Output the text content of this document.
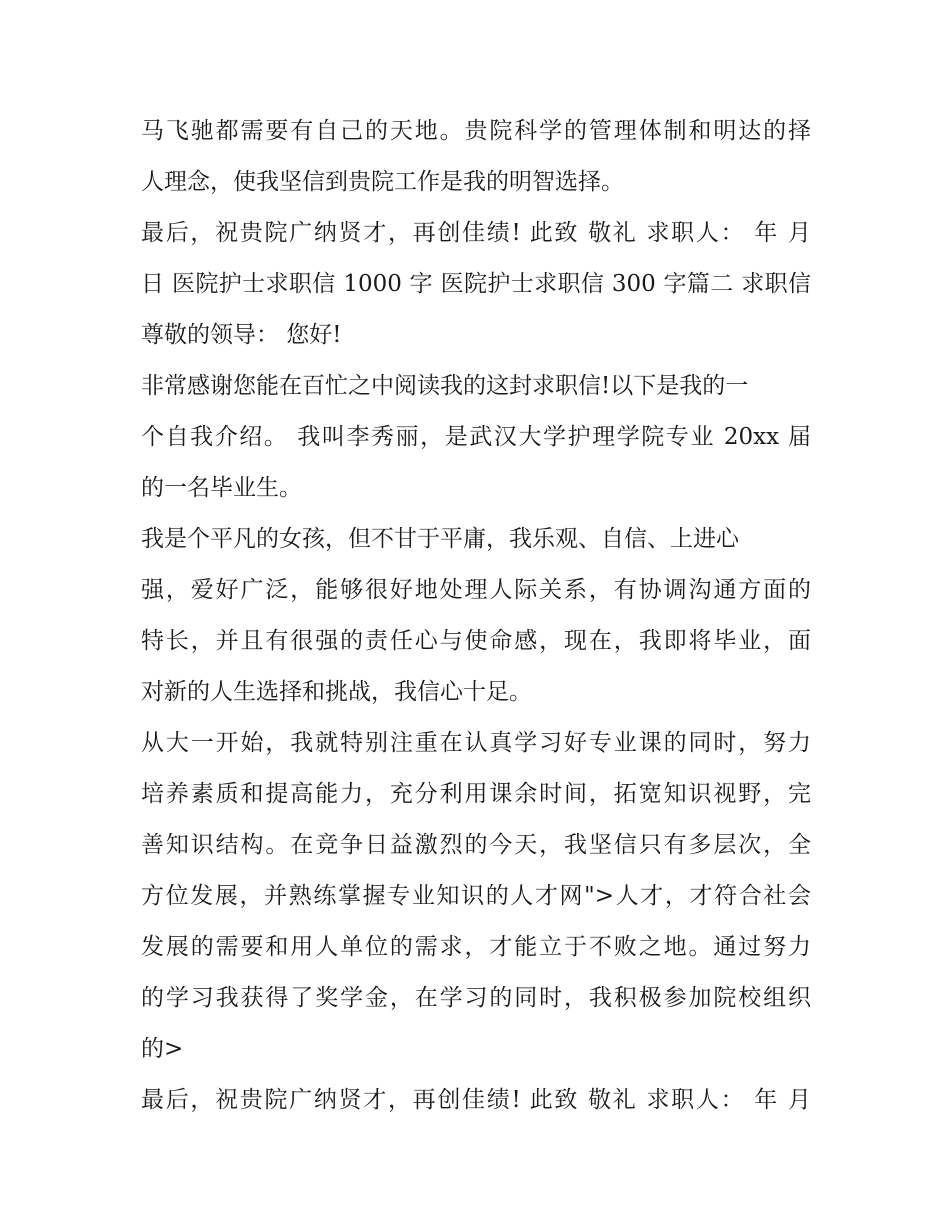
马飞驰都需要有自己的天地。贵院科学的管理体制和明达的择
人理念，使我坚信到贵院工作是我的明智选择。
最后，祝贵院广纳贤才，再创佳绩! 此致 敬礼 求职人： 年 月
日 医院护士求职信 1000 字 医院护士求职信 300 字篇二 求职信
尊敬的领导： 您好!
非常感谢您能在百忙之中阅读我的这封求职信!以下是我的一
个自我介绍。 我叫李秀丽，是武汉大学护理学院专业 20xx 届
的一名毕业生。
我是个平凡的女孩，但不甘于平庸，我乐观、自信、上进心
强，爱好广泛，能够很好地处理人际关系，有协调沟通方面的
特长，并且有很强的责任心与使命感，现在，我即将毕业，面
对新的人生选择和挑战，我信心十足。
从大一开始，我就特别注重在认真学习好专业课的同时，努力
培养素质和提高能力，充分利用课余时间，拓宽知识视野，完
善知识结构。在竞争日益激烈的今天，我坚信只有多层次，全
方位发展，并熟练掌握专业知识的人才网">人才，才符合社会
发展的需要和用人单位的需求，才能立于不败之地。通过努力
的学习我获得了奖学金，在学习的同时，我积极参加院校组织
的>
最后，祝贵院广纳贤才，再创佳绩! 此致 敬礼 求职人： 年 月
